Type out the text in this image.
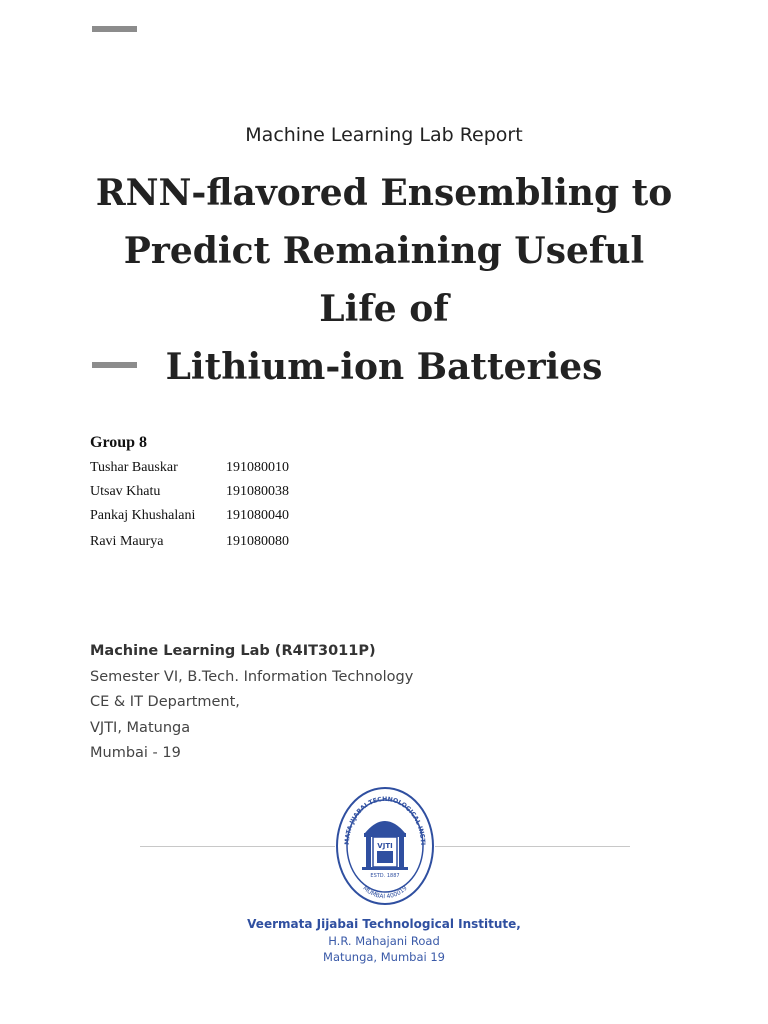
Machine Learning Lab Report
RNN-flavored Ensembling to
Predict Remaining Useful Life of
Lithium-ion Batteries
Group 8
Tushar Bauskar	191080010
Utsav Khatu	191080038
Pankaj Khushalani	191080040
Ravi Maurya	191080080
Machine Learning Lab (R4IT3011P)
Semester VI, B.Tech. Information Technology
CE & IT Department,
VJTI, Matunga
Mumbai - 19
MATA JIJABAI TECHNOLOGICAL INSTI
MUMBAI 400019
VJTI
ESTD. 1887
Veermata Jijabai Technological Institute,
H.R. Mahajani Road
Matunga, Mumbai 19
